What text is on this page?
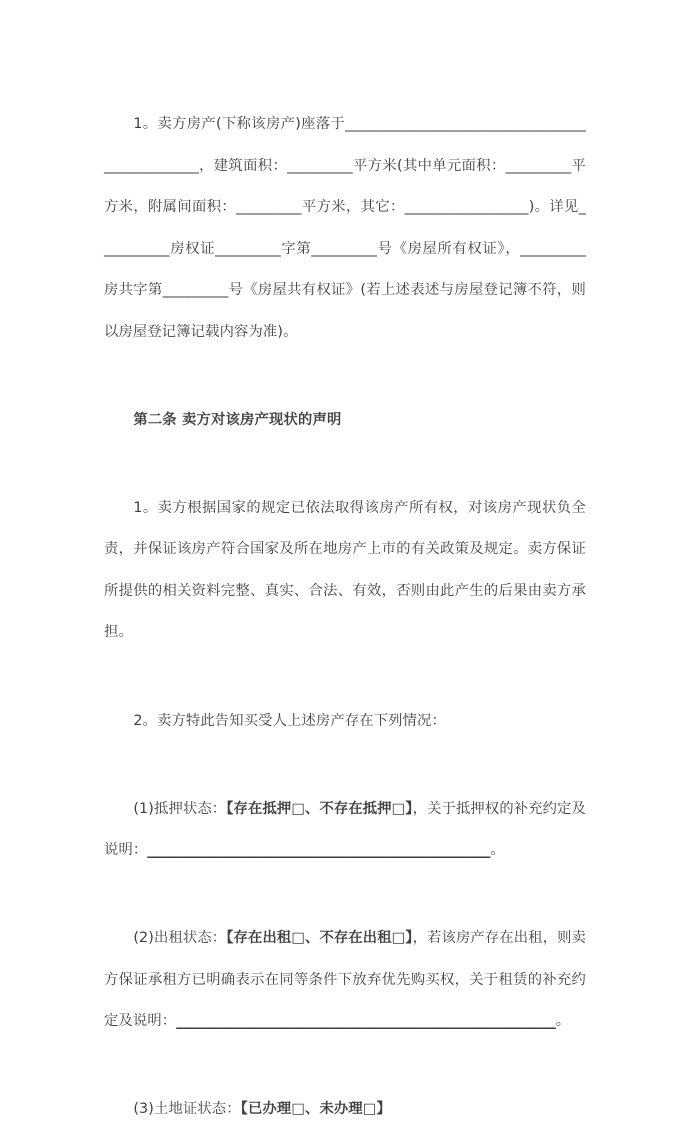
1。卖方房产(下称该房产)座落于______________________________________________，建筑面积：_________平方米(其中单元面积：_________平方米，附属间面积：_________平方米，其它：_________________)。详见__________房权证_________字第_________号《房屋所有权证》，_________房共字第_________号《房屋共有权证》(若上述表述与房屋登记簿不符，则以房屋登记簿记载内容为准)。

第二条 卖方对该房产现状的声明

1。卖方根据国家的规定已依法取得该房产所有权，对该房产现状负全责，并保证该房产符合国家及所在地房产上市的有关政策及规定。卖方保证所提供的相关资料完整、真实、合法、有效，否则由此产生的后果由卖方承担。

2。卖方特此告知买受人上述房产存在下列情况：

(1)抵押状态：【存在抵押□、不存在抵押□】，关于抵押权的补充约定及说明：_______________________________________________。

(2)出租状态：【存在出租□、不存在出租□】，若该房产存在出租，则卖方保证承租方已明确表示在同等条件下放弃优先购买权，关于租赁的补充约定及说明：____________________________________________________。

(3)土地证状态：【已办理□、未办理□】
